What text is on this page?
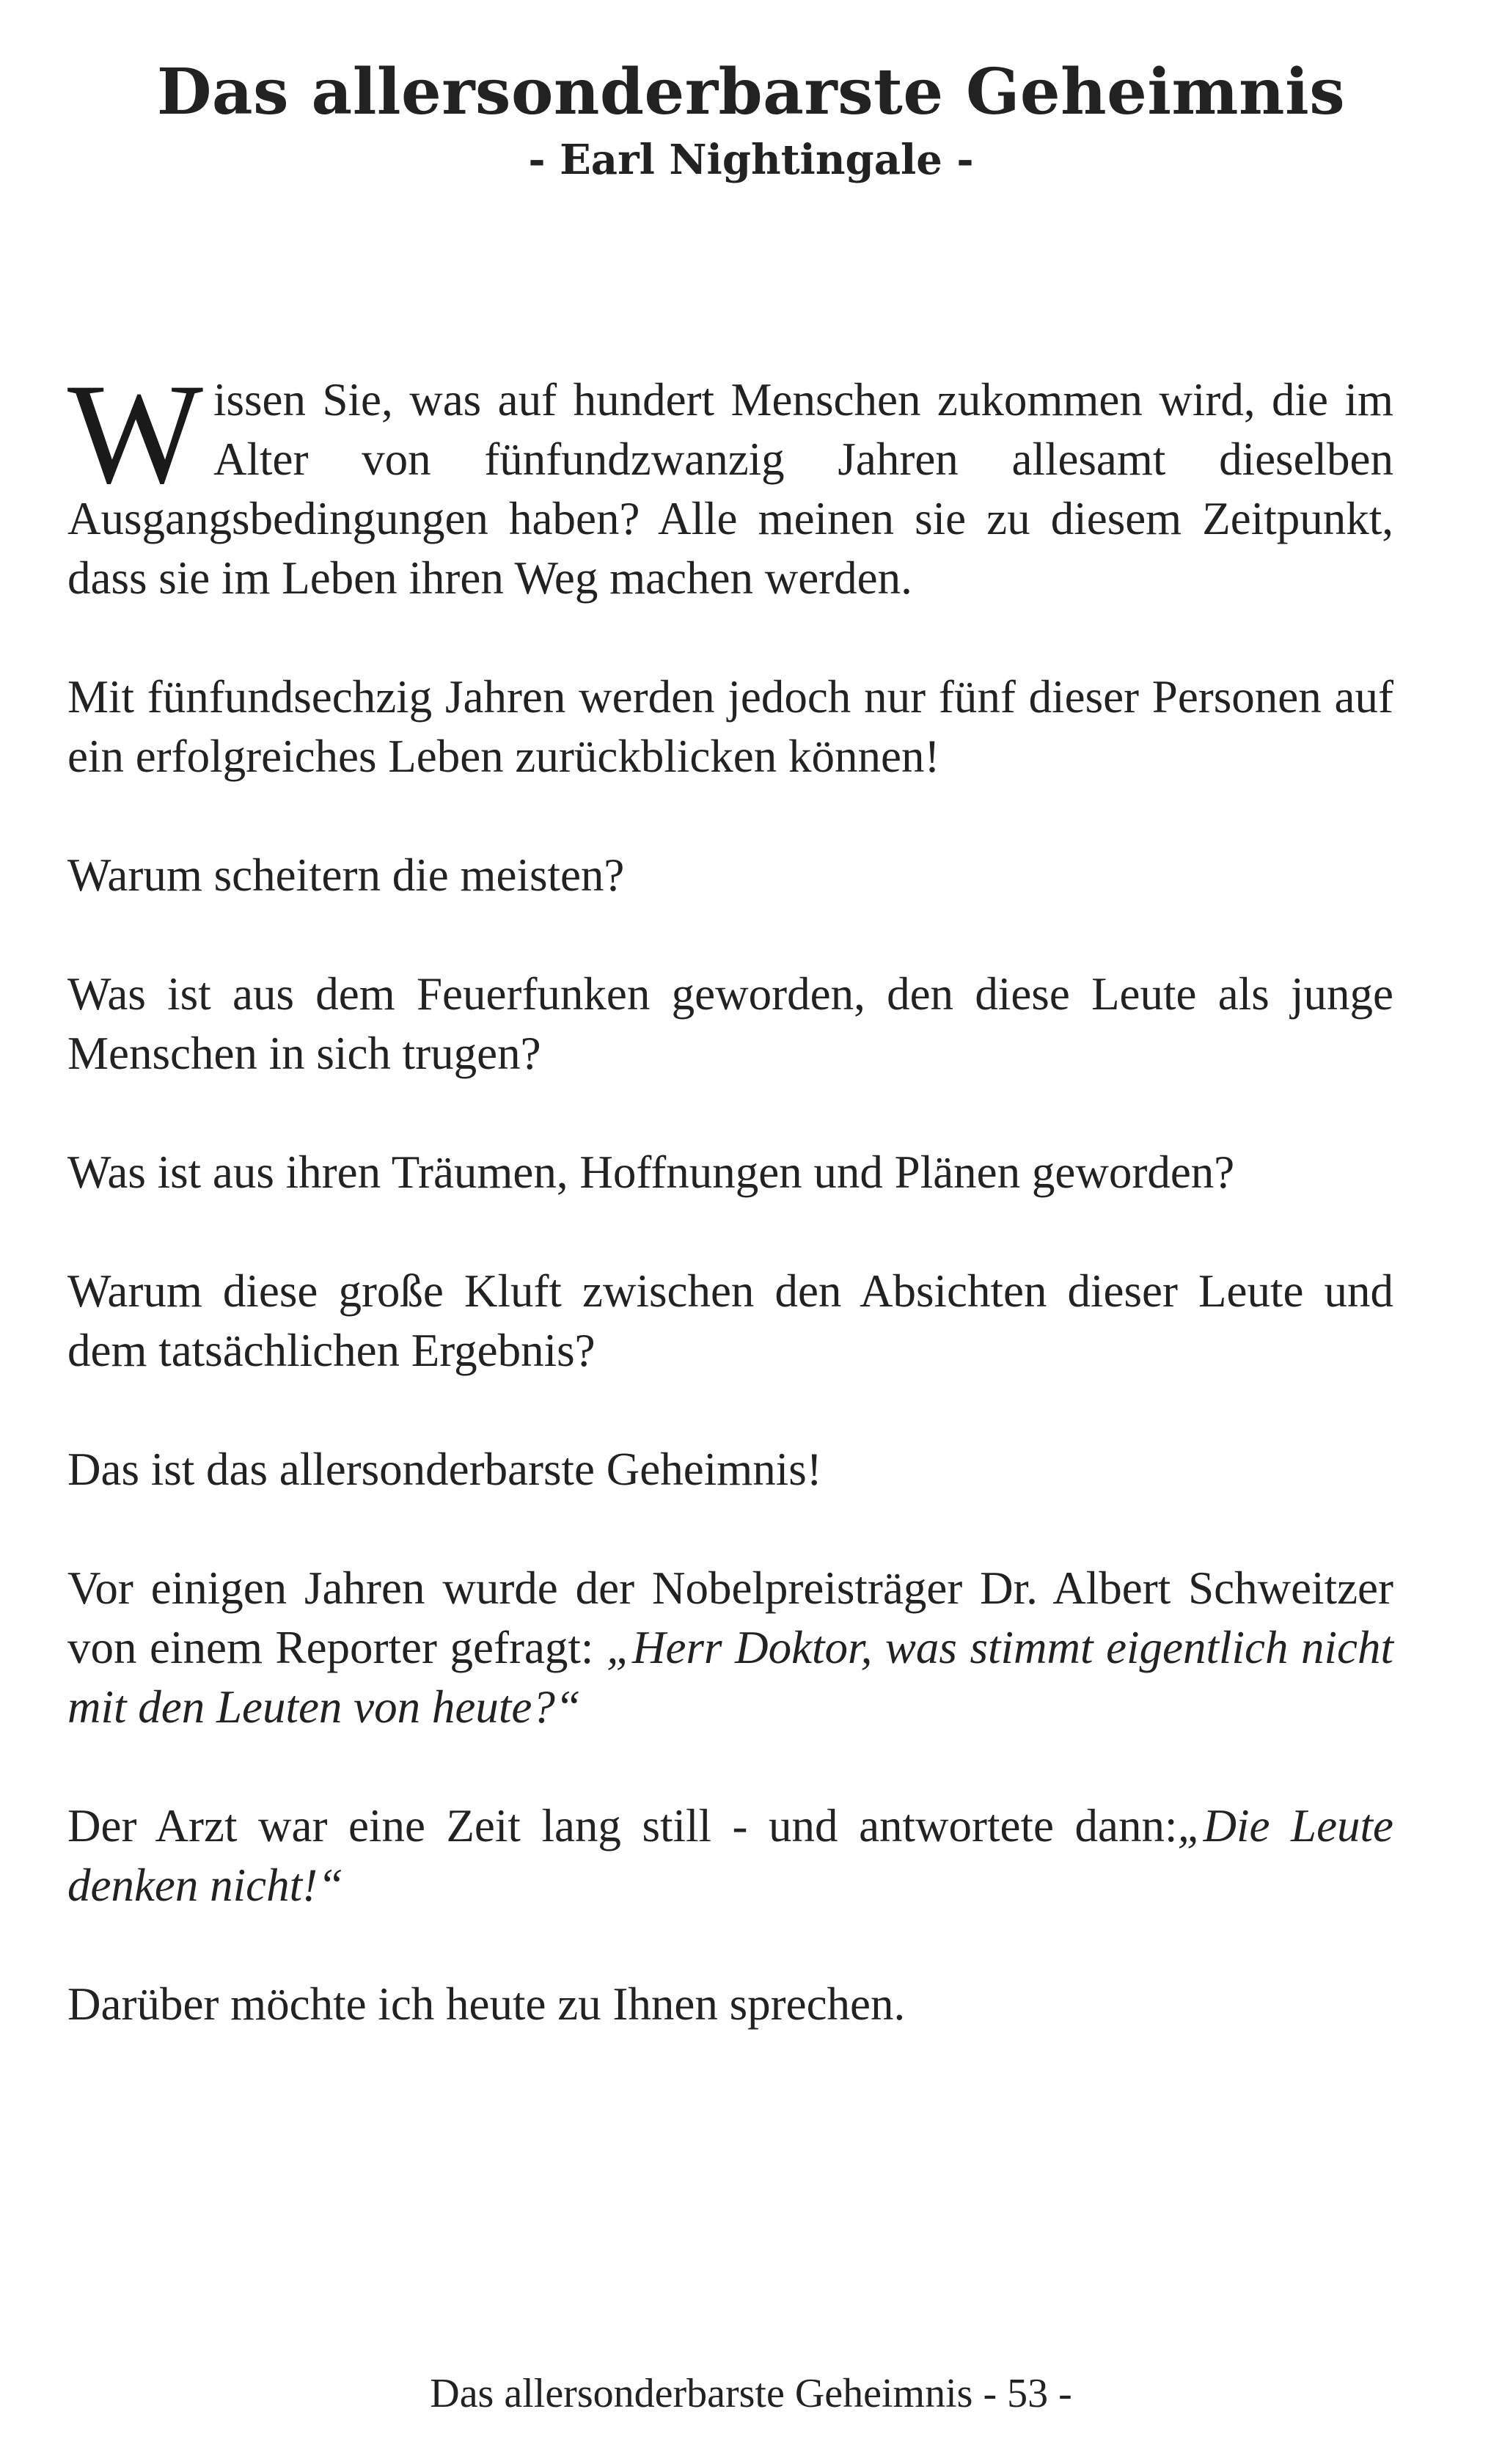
Das allersonderbarste Geheimnis
- Earl Nightingale -

Wissen Sie, was auf hundert Menschen zukommen wird, die im Alter von fünfundzwanzig Jahren allesamt dieselben Ausgangsbedingungen haben? Alle meinen sie zu diesem Zeitpunkt, dass sie im Leben ihren Weg machen werden.

Mit fünfundsechzig Jahren werden jedoch nur fünf dieser Personen auf ein erfolgreiches Leben zurückblicken können!

Warum scheitern die meisten?

Was ist aus dem Feuerfunken geworden, den diese Leute als junge Menschen in sich trugen?

Was ist aus ihren Träumen, Hoffnungen und Plänen geworden?

Warum diese große Kluft zwischen den Absichten dieser Leute und dem tatsächlichen Ergebnis?

Das ist das allersonderbarste Geheimnis!

Vor einigen Jahren wurde der Nobelpreisträger Dr. Albert Schweitzer von einem Reporter gefragt: „Herr Doktor, was stimmt eigentlich nicht mit den Leuten von heute?“

Der Arzt war eine Zeit lang still - und antwortete dann:„Die Leute denken nicht!“

Darüber möchte ich heute zu Ihnen sprechen.

Das allersonderbarste Geheimnis - 53 -
